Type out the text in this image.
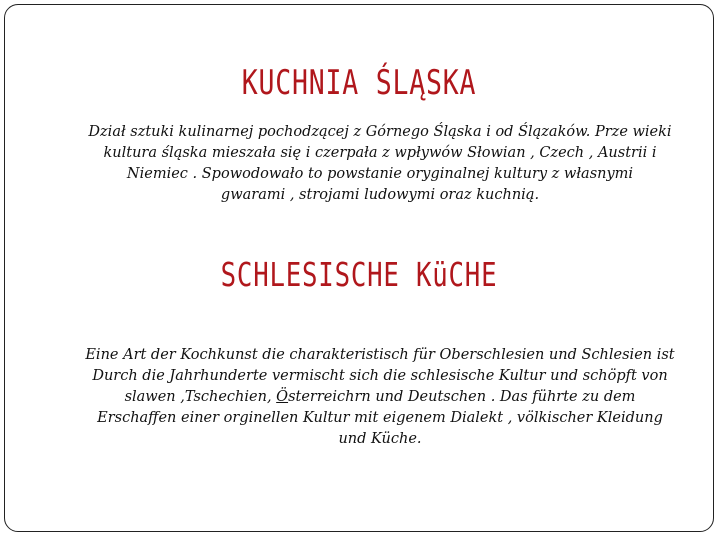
KUCHNIA ŚLĄSKA

Dział sztuki kulinarnej pochodzącej z Górnego Śląska i od Ślązaków. Prze wieki
kultura śląska mieszała się i czerpała z wpływów Słowian , Czech , Austrii i
Niemiec . Spowodowało to powstanie oryginalnej kultury z własnymi
gwarami , strojami ludowymi oraz kuchnią.

SCHLESISCHE KüCHE

Eine Art der Kochkunst die charakteristisch für Oberschlesien und Schlesien ist
Durch die Jahrhunderte vermischt sich die schlesische Kultur und schöpft von
slawen ,Tschechien, Österreichrn und Deutschen . Das führte zu dem
Erschaffen einer orginellen Kultur mit eigenem Dialekt , völkischer Kleidung
und Küche.
